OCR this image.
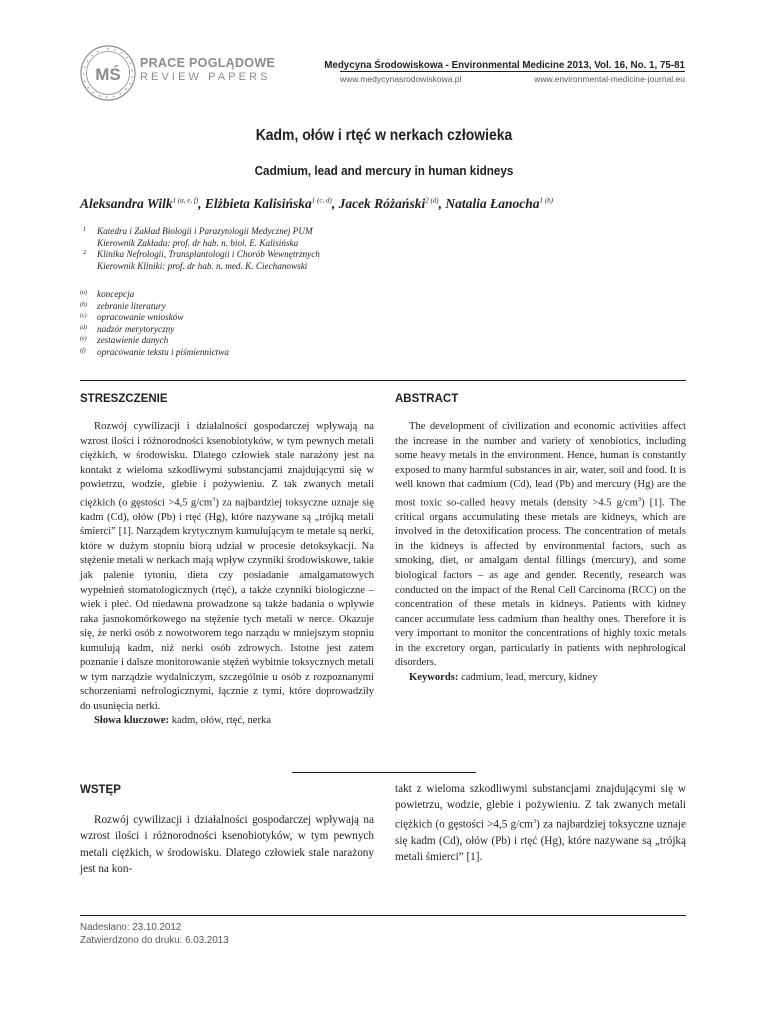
MŚ
PRACE POGLĄDOWE
REVIEW PAPERS
Medycyna Środowiskowa - Environmental Medicine 2013, Vol. 16, No. 1, 75-81
www.medycynasrodowiskowa.pl	www.environmental-medicine-journal.eu
Kadm, ołów i rtęć w nerkach człowieka
Cadmium, lead and mercury in human kidneys
Aleksandra Wilk$^{1 (a, e, f)}$, Elżbieta Kalisińska$^{1 (c, d)}$, Jacek Różański$^{2 (d)}$, Natalia Łanocha$^{1 (b)}$
1 Katedra i Zakład Biologii i Parazytologii Medycznej PUM
Kierownik Zakładu: prof. dr hab. n. biol. E. Kalisińska
2 Klinika Nefrologii, Transplantologii i Chorób Wewnętrznych
Kierownik Kliniki: prof. dr hab. n. med. K. Ciechanowski
(a) koncepcja
(b) zebranie literatury
(c) opracowanie wniosków
(d) nadzór merytoryczny
(e) zestawienie danych
(f) opracowanie tekstu i piśmiennictwa
STRESZCZENIE	ABSTRACT

Rozwój cywilizacji i działalności gospodarczej wpływają na wzrost ilości i różnorodności ksenobiotyków, w tym pewnych metali ciężkich, w środowisku. Dlatego człowiek stale narażony jest na kontakt z wieloma szkodliwymi substancjami znajdującymi się w powietrzu, wodzie, glebie i pożywieniu. Z tak zwanych metali ciężkich (o gęstości >4,5 $g/cm^3$) za najbardziej toksyczne uznaje się kadm (Cd), ołów (Pb) i rtęć (Hg), które nazywane są „trójką metali śmierci” [1]. Narządem krytycznym kumulującym te metale są nerki, które w dużym stopniu biorą udział w procesie detoksykacji. Na stężenie metali w nerkach mają wpływ czynniki środowiskowe, takie jak palenie tytoniu, dieta czy posiadanie amalgamatowych wypełnień stomatologicznych (rtęć), a także czynniki biologiczne – wiek i płeć. Od niedawna prowadzone są także badania o wpływie raka jasnokomórkowego na stężenie tych metali w nerce. Okazuje się, że nerki osób z nowotworem tego narządu w mniejszym stopniu kumulują kadm, niż nerki osób zdrowych. Istotne jest zatem poznanie i dalsze monitorowanie stężeń wybitnie toksycznych metali w tym narządzie wydalniczym, szczególnie u osób z rozpoznanymi schorzeniami nefrologicznymi, łącznie z tymi, które doprowadziły do usunięcia nerki.

Słowa kluczowe: kadm, ołów, rtęć, nerka

The development of civilization and economic activities affect the increase in the number and variety of xenobiotics, including some heavy metals in the environment. Hence, human is constantly exposed to many harmful substances in air, water, soil and food. It is well known that cadmium (Cd), lead (Pb) and mercury (Hg) are the most toxic so-called heavy metals (density >4.5 $g/cm^3$) [1]. The critical organs accumulating these metals are kidneys, which are involved in the detoxification process. The concentration of metals in the kidneys is affected by environmental factors, such as smoking, diet, or amalgam dental fillings (mercury), and some biological factors – as age and gender. Recently, research was conducted on the impact of the Renal Cell Carcinoma (RCC) on the concentration of these metals in kidneys. Patients with kidney cancer accumulate less cadmium than healthy ones. Therefore it is very important to monitor the concentrations of highly toxic metals in the excretory organ, particularly in patients with nephrological disorders.

Keywords: cadmium, lead, mercury, kidney

WSTĘP

Rozwój cywilizacji i działalności gospodarczej wpływają na wzrost ilości i różnorodności ksenobiotyków, w tym pewnych metali ciężkich, w środowisku. Dlatego człowiek stale narażony jest na kon-

takt z wieloma szkodliwymi substancjami znajdującymi się w powietrzu, wodzie, glebie i pożywieniu. Z tak zwanych metali ciężkich (o gęstości >4,5 $g/cm^3$) za najbardziej toksyczne uznaje się kadm (Cd), ołów (Pb) i rtęć (Hg), które nazywane są „trójką metali śmierci” [1].

Nadesłano: 23.10.2012
Zatwierdzono do druku: 6.03.2013
